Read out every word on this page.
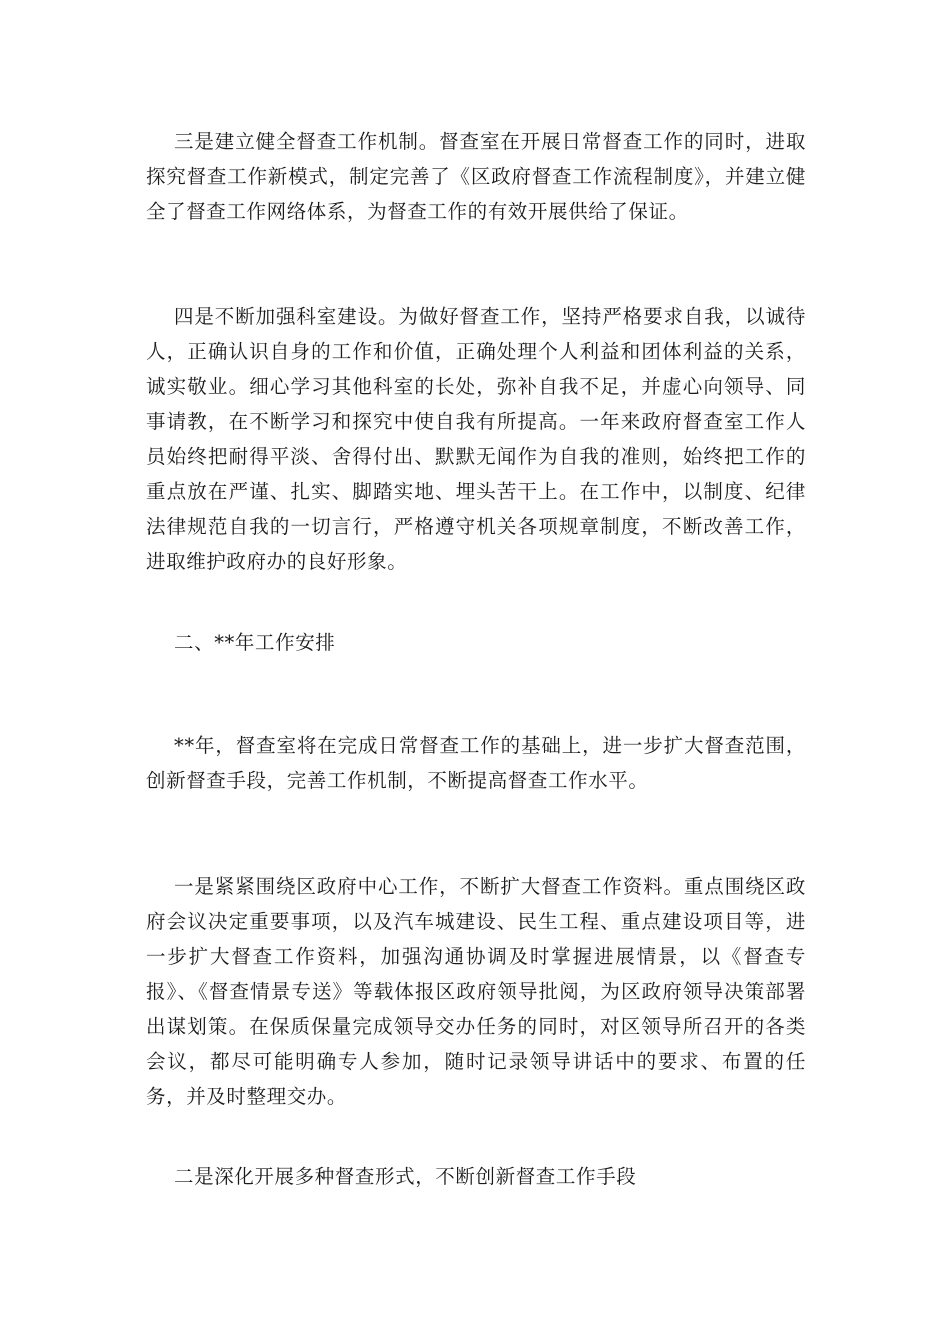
三是建立健全督查工作机制。督查室在开展日常督查工作的同时，进取探究督查工作新模式，制定完善了《区政府督查工作流程制度》，并建立健全了督查工作网络体系，为督查工作的有效开展供给了保证。

四是不断加强科室建设。为做好督查工作，坚持严格要求自我，以诚待人，正确认识自身的工作和价值，正确处理个人利益和团体利益的关系，诚实敬业。细心学习其他科室的长处，弥补自我不足，并虚心向领导、同事请教，在不断学习和探究中使自我有所提高。一年来政府督查室工作人员始终把耐得平淡、舍得付出、默默无闻作为自我的准则，始终把工作的重点放在严谨、扎实、脚踏实地、埋头苦干上。在工作中，以制度、纪律法律规范自我的一切言行，严格遵守机关各项规章制度，不断改善工作，进取维护政府办的良好形象。

二、**年工作安排

**年，督查室将在完成日常督查工作的基础上，进一步扩大督查范围，创新督查手段，完善工作机制，不断提高督查工作水平。

一是紧紧围绕区政府中心工作，不断扩大督查工作资料。重点围绕区政府会议决定重要事项，以及汽车城建设、民生工程、重点建设项目等，进一步扩大督查工作资料，加强沟通协调及时掌握进展情景，以《督查专报》、《督查情景专送》等载体报区政府领导批阅，为区政府领导决策部署出谋划策。在保质保量完成领导交办任务的同时，对区领导所召开的各类会议，都尽可能明确专人参加，随时记录领导讲话中的要求、布置的任务，并及时整理交办。

二是深化开展多种督查形式，不断创新督查工作手段
